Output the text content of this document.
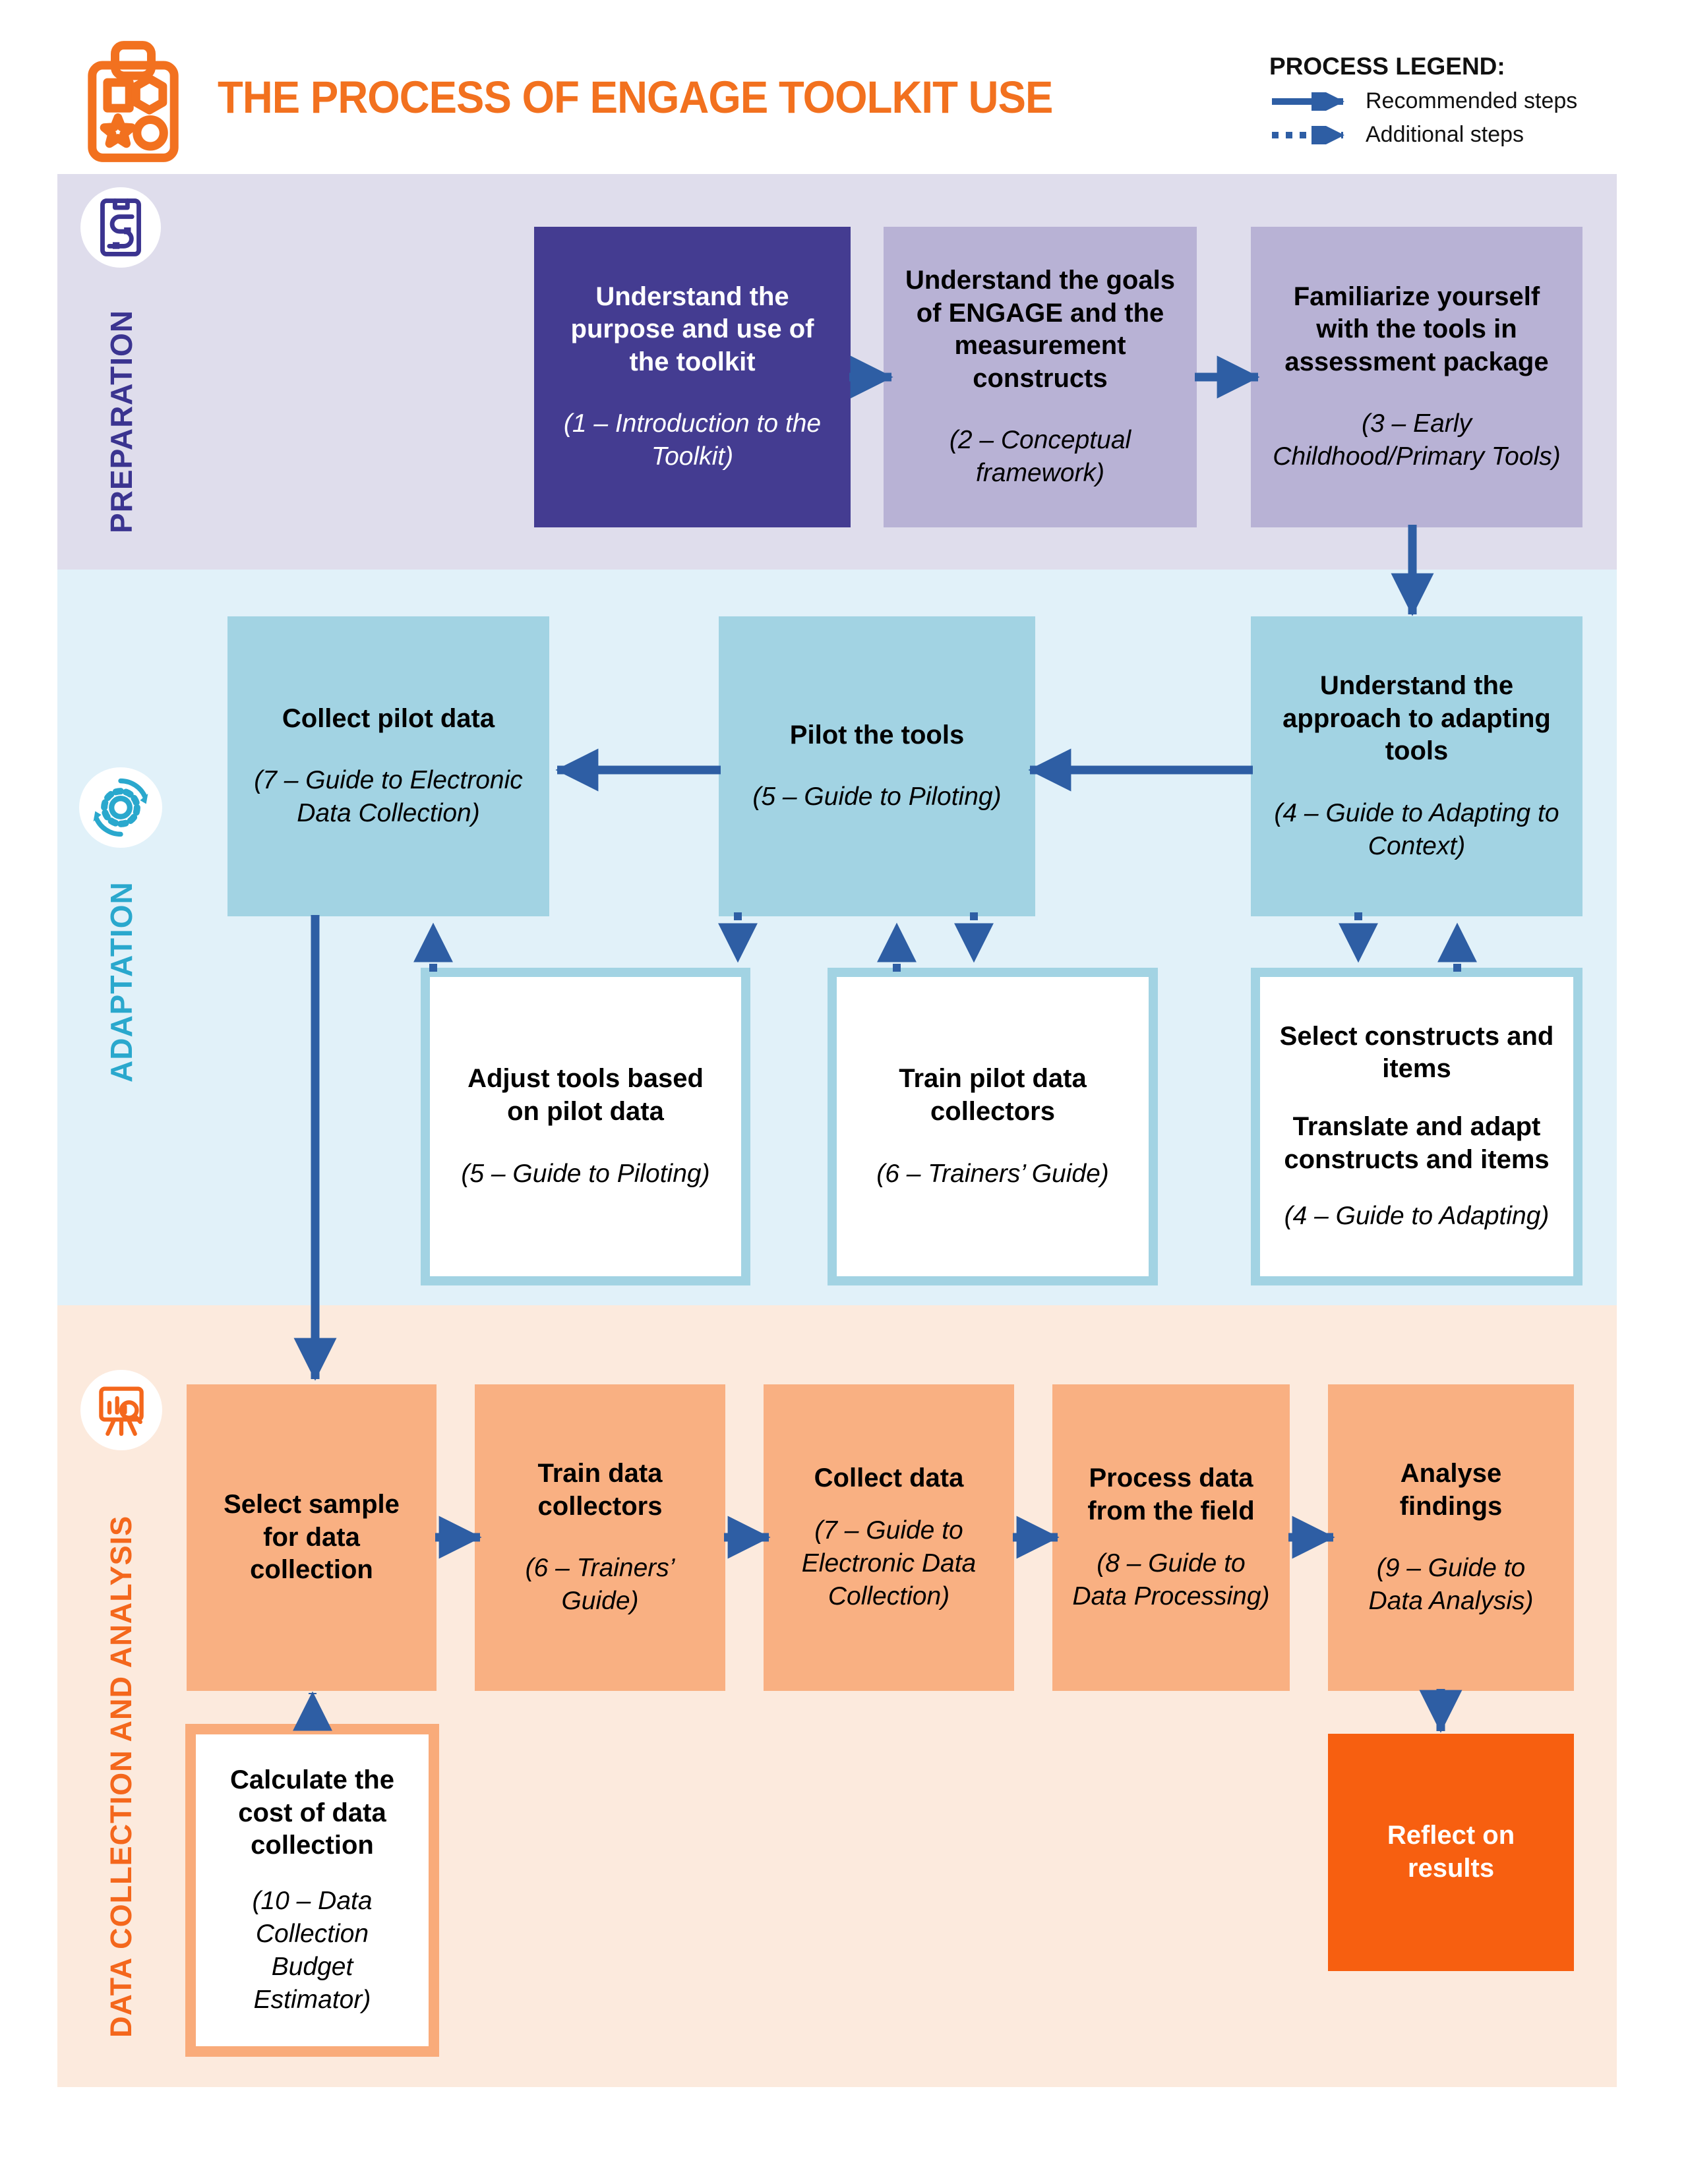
THE PROCESS OF ENGAGE TOOLKIT USE
PROCESS LEGEND:
Recommended steps
Additional steps
PREPARATION
ADAPTATION
DATA COLLECTION AND ANALYSIS
Understand the purpose and use of the toolkit
(1 – Introduction to the Toolkit)
Understand the goals of ENGAGE and the measurement constructs
(2 – Conceptual framework)
Familiarize yourself with the tools in assessment package
(3 – Early Childhood/Primary Tools)
Collect pilot data
(7 – Guide to Electronic Data Collection)
Pilot the tools
(5 – Guide to Piloting)
Understand the approach to adapting tools
(4 – Guide to Adapting to Context)
Adjust tools based on pilot data
(5 – Guide to Piloting)
Train pilot data collectors
(6 – Trainers’ Guide)
Select constructs and items
Translate and adapt constructs and items
(4 – Guide to Adapting)
Select sample for data collection
Train data collectors
(6 – Trainers’ Guide)
Collect data
(7 – Guide to Electronic Data Collection)
Process data from the field
(8 – Guide to Data Processing)
Analyse findings
(9 – Guide to Data Analysis)
Calculate the cost of data collection
(10 – Data Collection Budget Estimator)
Reflect on results
